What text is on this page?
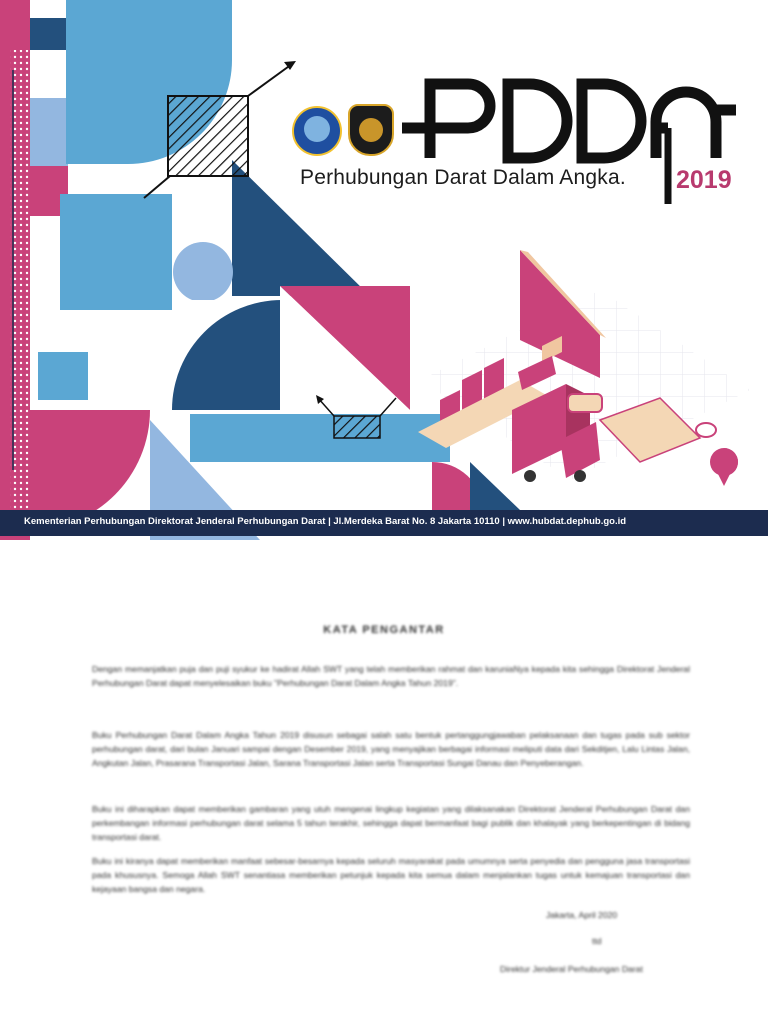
Perhubungan Darat Dalam Angka. 2019
Kementerian Perhubungan Direktorat Jenderal Perhubungan Darat | Jl.Merdeka Barat No. 8 Jakarta 10110 | www.hubdat.dephub.go.id
KATA PENGANTAR

Dengan memanjatkan puja dan puji syukur ke hadirat Allah SWT yang telah memberikan rahmat dan karuniaNya kepada kita sehingga Direktorat Jenderal Perhubungan Darat dapat menyelesaikan buku "Perhubungan Darat Dalam Angka Tahun 2019".

Buku Perhubungan Darat Dalam Angka Tahun 2019 disusun sebagai salah satu bentuk pertanggungjawaban pelaksanaan dan tugas pada sub sektor perhubungan darat, dari bulan Januari sampai dengan Desember 2019, yang menyajikan berbagai informasi meliputi data dari Sekditjen, Lalu Lintas Jalan, Angkutan Jalan, Prasarana Transportasi Jalan, Sarana Transportasi Jalan serta Transportasi Sungai Danau dan Penyeberangan.

Buku ini diharapkan dapat memberikan gambaran yang utuh mengenai lingkup kegiatan yang dilaksanakan Direktorat Jenderal Perhubungan Darat dan perkembangan informasi perhubungan darat selama 5 tahun terakhir, sehingga dapat bermanfaat bagi publik dan khalayak yang berkepentingan di bidang transportasi darat.

Buku ini kiranya dapat memberikan manfaat sebesar-besarnya kepada seluruh masyarakat pada umumnya serta penyedia dan pengguna jasa transportasi pada khususnya. Semoga Allah SWT senantiasa memberikan petunjuk kepada kita semua dalam menjalankan tugas untuk kemajuan transportasi dan kejayaan bangsa dan negara.

Jakarta, April 2020
ttd
Direktur Jenderal Perhubungan Darat
